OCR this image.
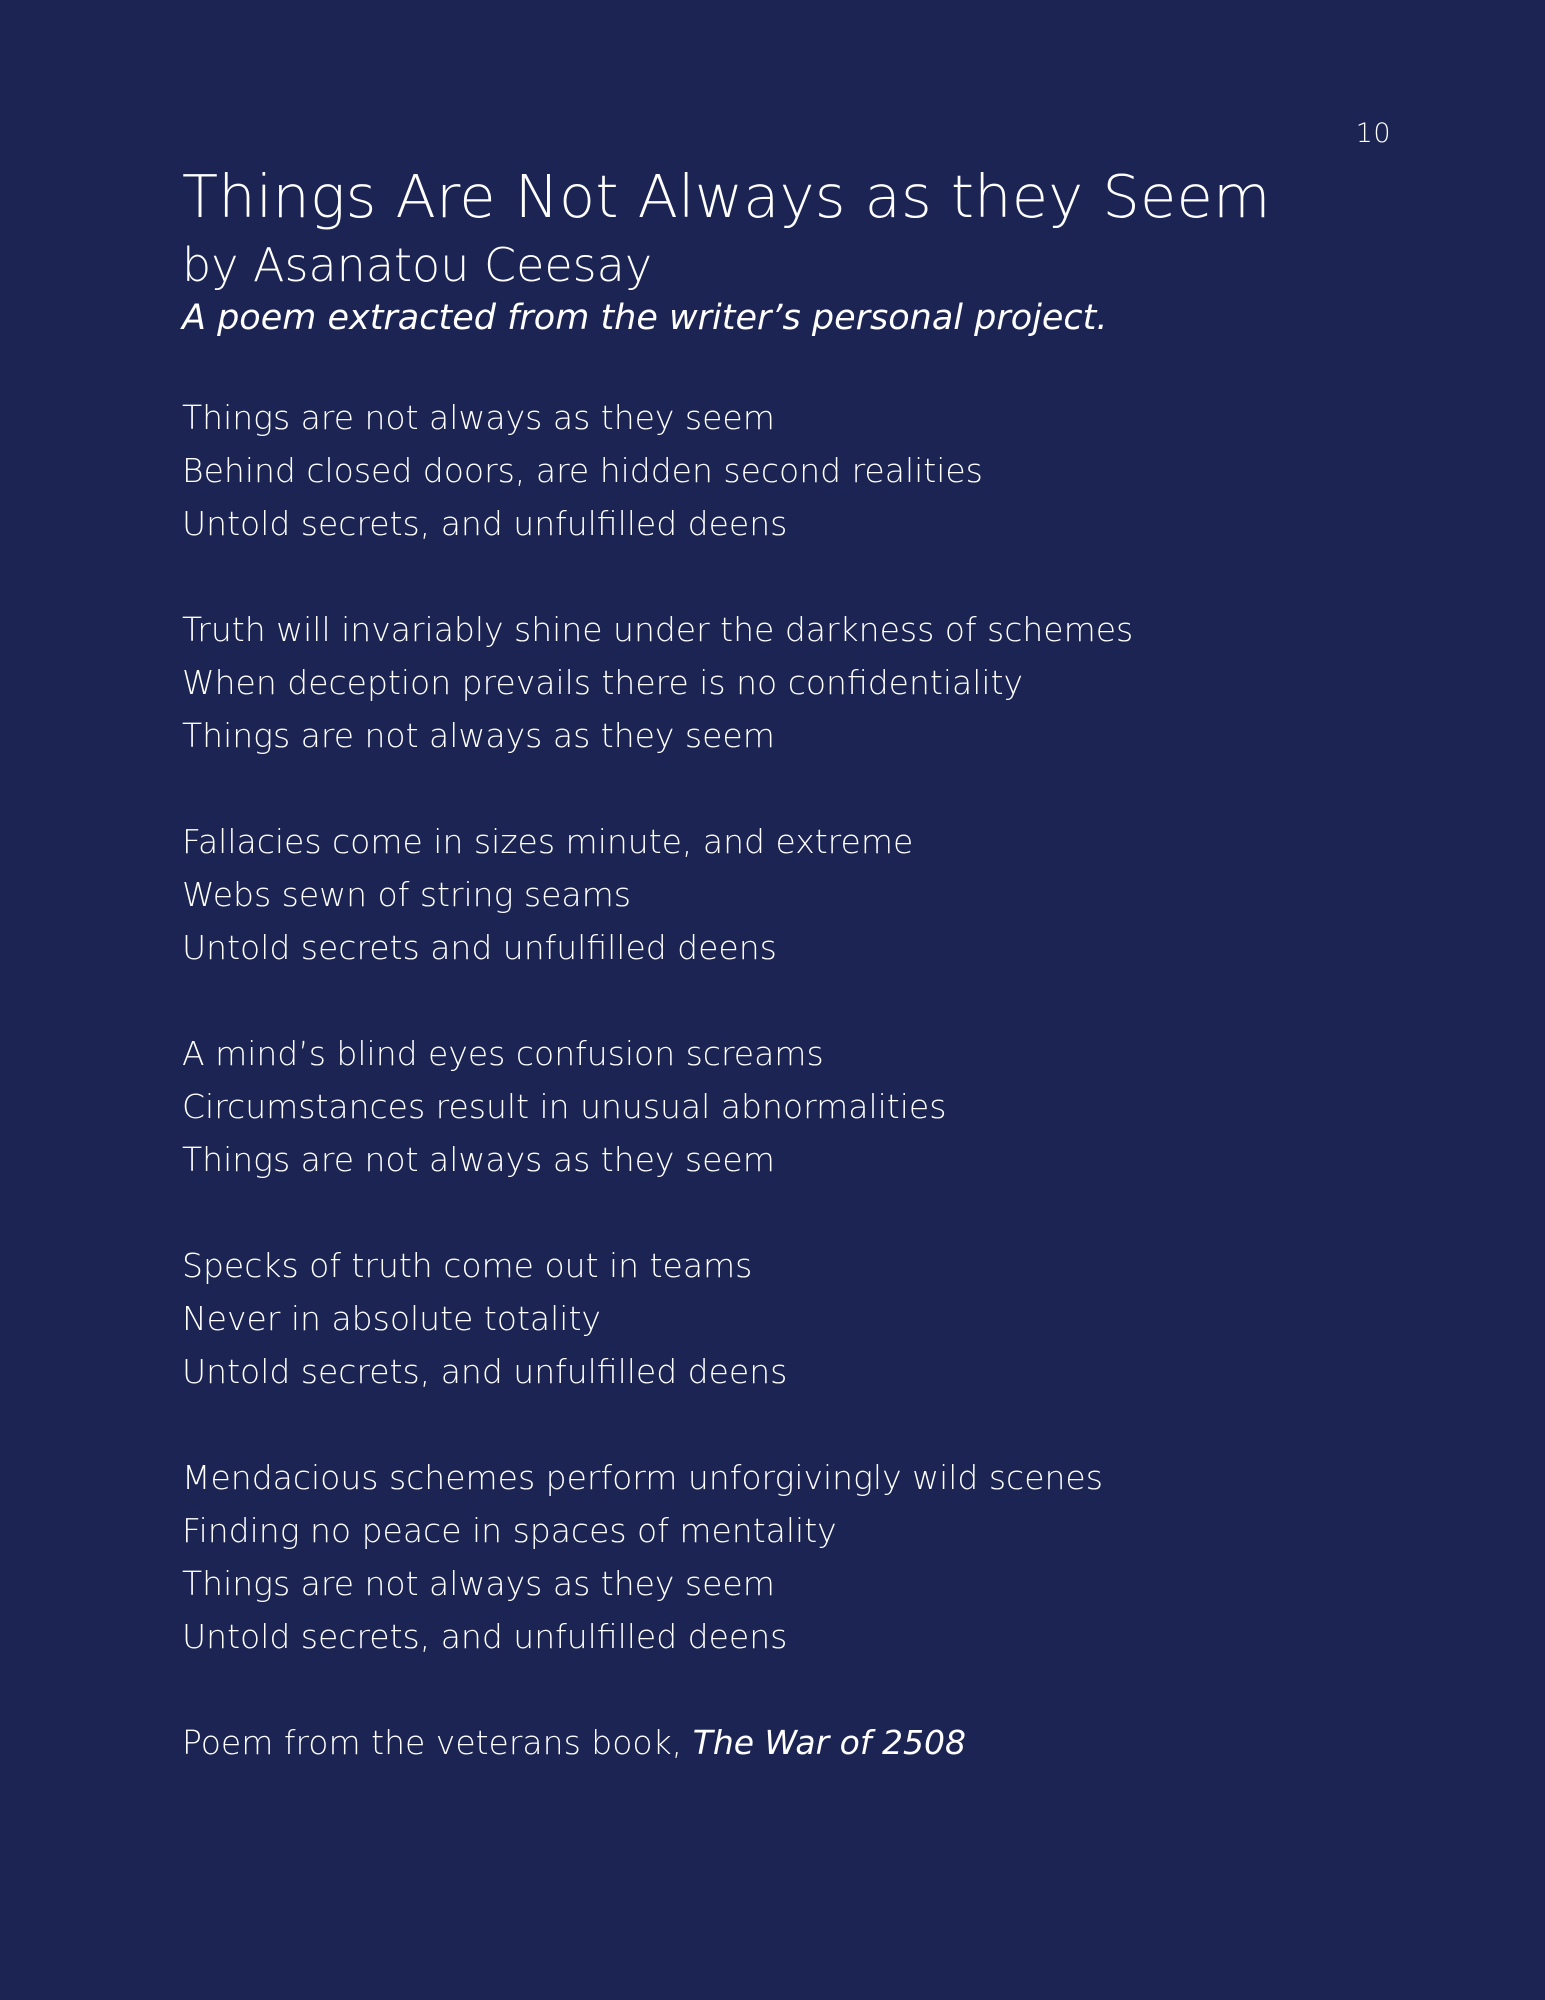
10
Things Are Not Always as they Seem
by Asanatou Ceesay
A poem extracted from the writer’s personal project.
Things are not always as they seem
Behind closed doors, are hidden second realities
Untold secrets, and unfulfilled deens
Truth will invariably shine under the darkness of schemes
When deception prevails there is no confidentiality
Things are not always as they seem
Fallacies come in sizes minute, and extreme
Webs sewn of string seams
Untold secrets and unfulfilled deens
A mind’s blind eyes confusion screams
Circumstances result in unusual abnormalities
Things are not always as they seem
Specks of truth come out in teams
Never in absolute totality
Untold secrets, and unfulfilled deens
Mendacious schemes perform unforgivingly wild scenes
Finding no peace in spaces of mentality
Things are not always as they seem
Untold secrets, and unfulfilled deens
Poem from the veterans book, The War of 2508
